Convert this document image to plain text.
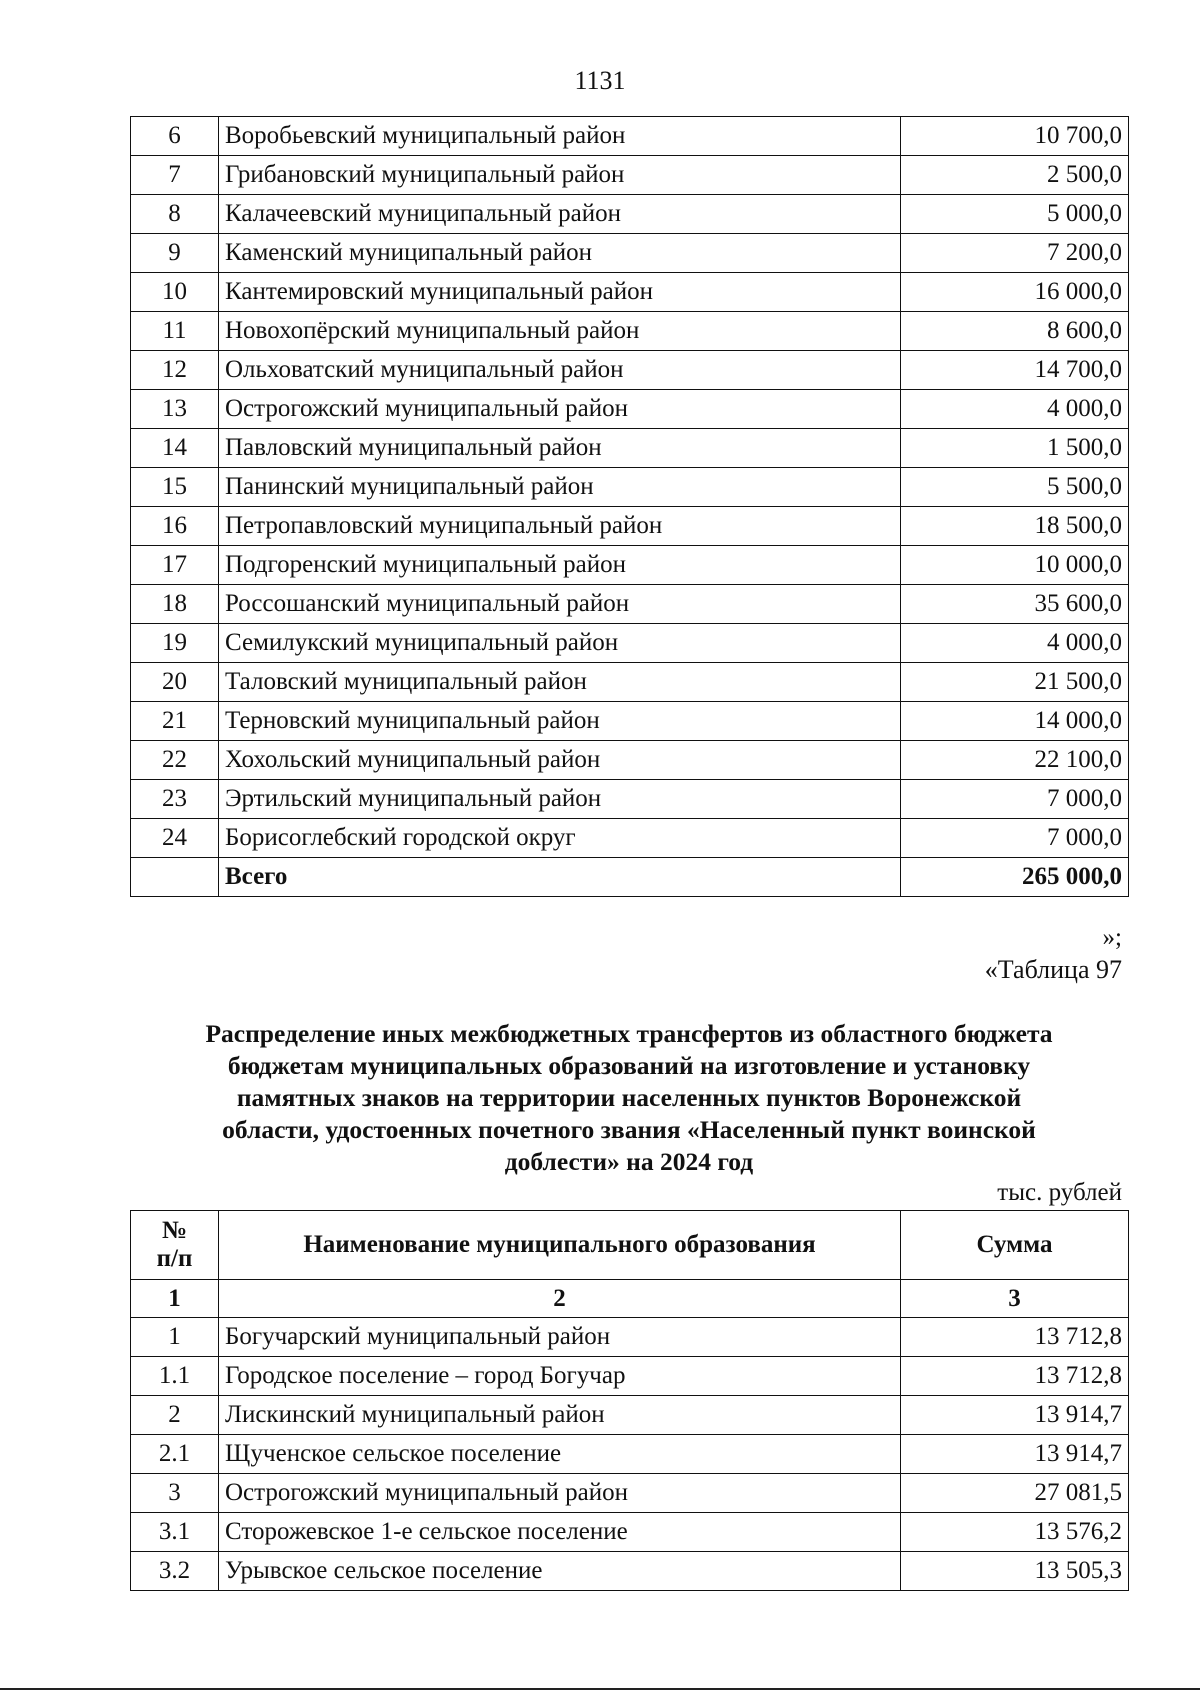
1131
6	Воробьевский муниципальный район	10 700,0
7	Грибановский муниципальный район	2 500,0
8	Калачеевский муниципальный район	5 000,0
9	Каменский муниципальный район	7 200,0
10	Кантемировский муниципальный район	16 000,0
11	Новохопёрский муниципальный район	8 600,0
12	Ольховатский муниципальный район	14 700,0
13	Острогожский муниципальный район	4 000,0
14	Павловский муниципальный район	1 500,0
15	Панинский муниципальный район	5 500,0
16	Петропавловский муниципальный район	18 500,0
17	Подгоренский муниципальный район	10 000,0
18	Россошанский муниципальный район	35 600,0
19	Семилукский муниципальный район	4 000,0
20	Таловский муниципальный район	21 500,0
21	Терновский муниципальный район	14 000,0
22	Хохольский муниципальный район	22 100,0
23	Эртильский муниципальный район	7 000,0
24	Борисоглебский городской округ	7 000,0
	Всего	265 000,0
»;
«Таблица 97
Распределение иных межбюджетных трансфертов из областного бюджета
бюджетам муниципальных образований на изготовление и установку
памятных знаков на территории населенных пунктов Воронежской
области, удостоенных почетного звания «Населенный пункт воинской
доблести» на 2024 год
тыс. рублей
№
п/п	Наименование муниципального образования	Сумма
1	2	3
1	Богучарский муниципальный район	13 712,8
1.1	Городское поселение – город Богучар	13 712,8
2	Лискинский муниципальный район	13 914,7
2.1	Щученское сельское поселение	13 914,7
3	Острогожский муниципальный район	27 081,5
3.1	Сторожевское 1-е сельское поселение	13 576,2
3.2	Урывское сельское поселение	13 505,3
